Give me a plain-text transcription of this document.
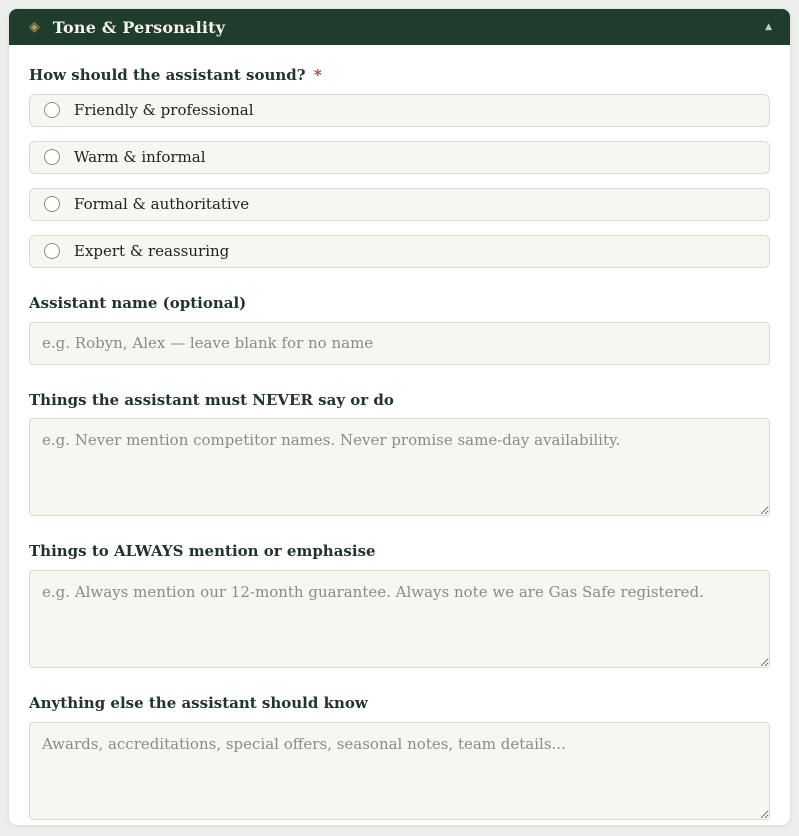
◈ Tone & Personality	▲
How should the assistant sound? *
Friendly & professional
Warm & informal
Formal & authoritative
Expert & reassuring
Assistant name (optional)
e.g. Robyn, Alex — leave blank for no name
Things the assistant must NEVER say or do
e.g. Never mention competitor names. Never promise same-day availability.
Things to ALWAYS mention or emphasise
e.g. Always mention our 12-month guarantee. Always note we are Gas Safe registered.
Anything else the assistant should know
Awards, accreditations, special offers, seasonal notes, team details...
